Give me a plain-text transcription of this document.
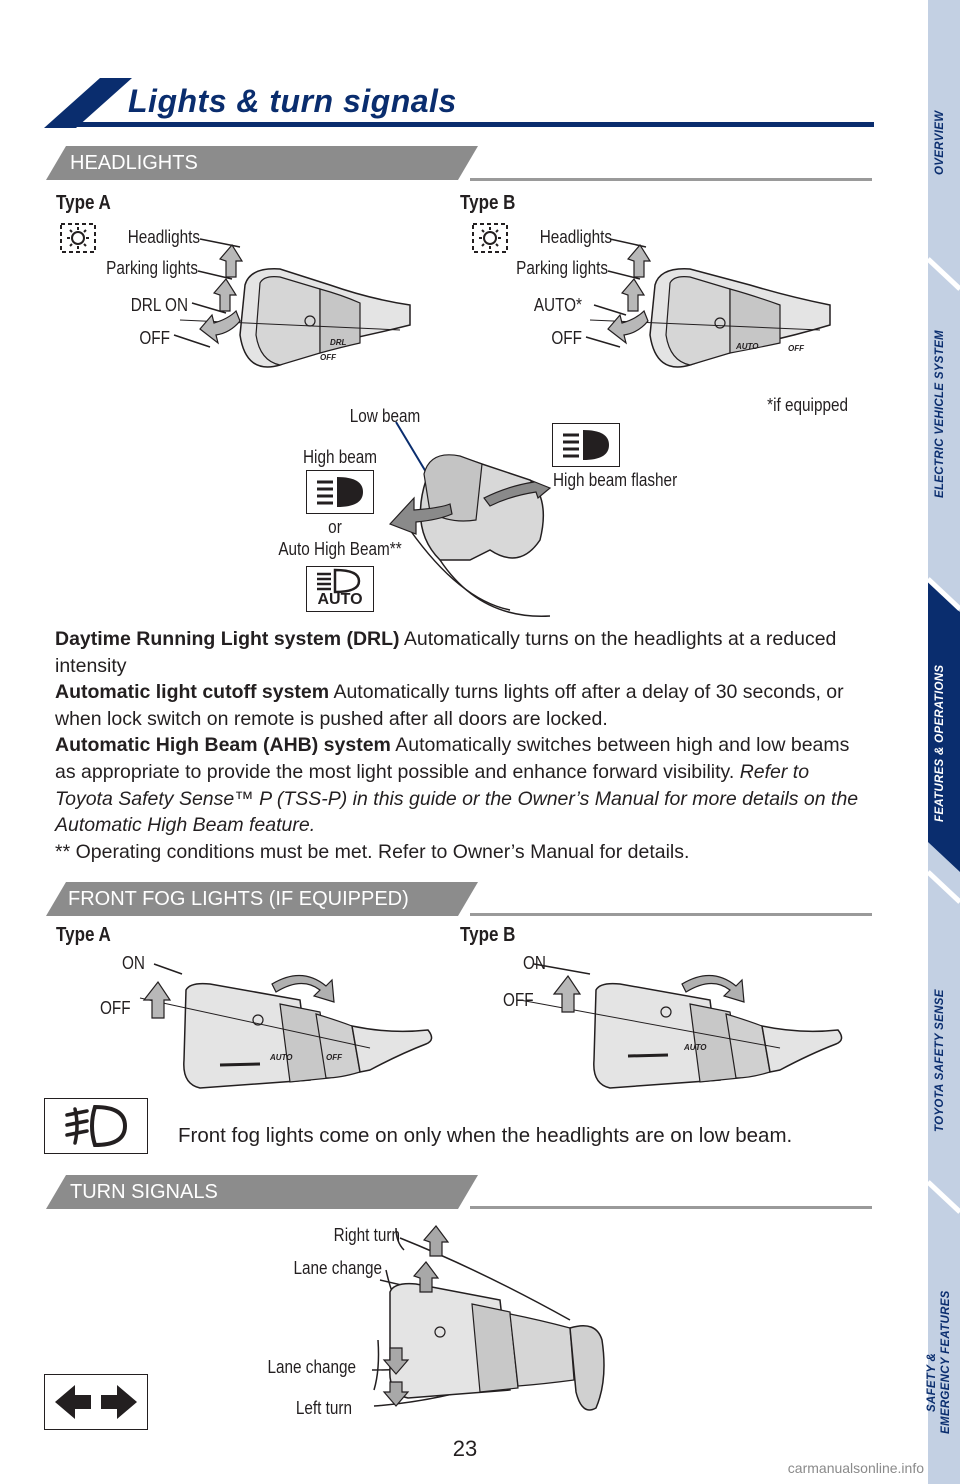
Lights & turn signals
HEADLIGHTS
Type A	Type B
Headlights
Parking lights
DRL ON
OFF
Headlights
Parking lights
AUTO*
OFF
DRL
OFF
AUTO	OFF
*if equipped
Low beam
High beam
High beam flasher
or
Auto High Beam**
AUTO
Daytime Running Light system (DRL) Automatically turns on the headlights at a reduced intensity
Automatic light cutoff system Automatically turns lights off after a delay of 30 seconds, or when lock switch on remote is pushed after all doors are locked.
Automatic High Beam (AHB) system Automatically switches between high and low beams as appropriate to provide the most light possible and enhance forward visibility. Refer to Toyota Safety Sense™ P (TSS-P) in this guide or the Owner’s Manual for more details on the Automatic High Beam feature.
** Operating conditions must be met. Refer to Owner’s Manual for details.
FRONT FOG LIGHTS (IF EQUIPPED)
Type A	Type B
ON
OFF
ON
OFF
AUTO	OFF
AUTO
Front fog lights come on only when the headlights are on low beam.
TURN SIGNALS
Right turn
Lane change
Lane change
Left turn
23
OVERVIEW
ELECTRIC VEHICLE SYSTEM
FEATURES & OPERATIONS
TOYOTA SAFETY SENSE
SAFETY & EMERGENCY FEATURES
carmanualsonline.info
